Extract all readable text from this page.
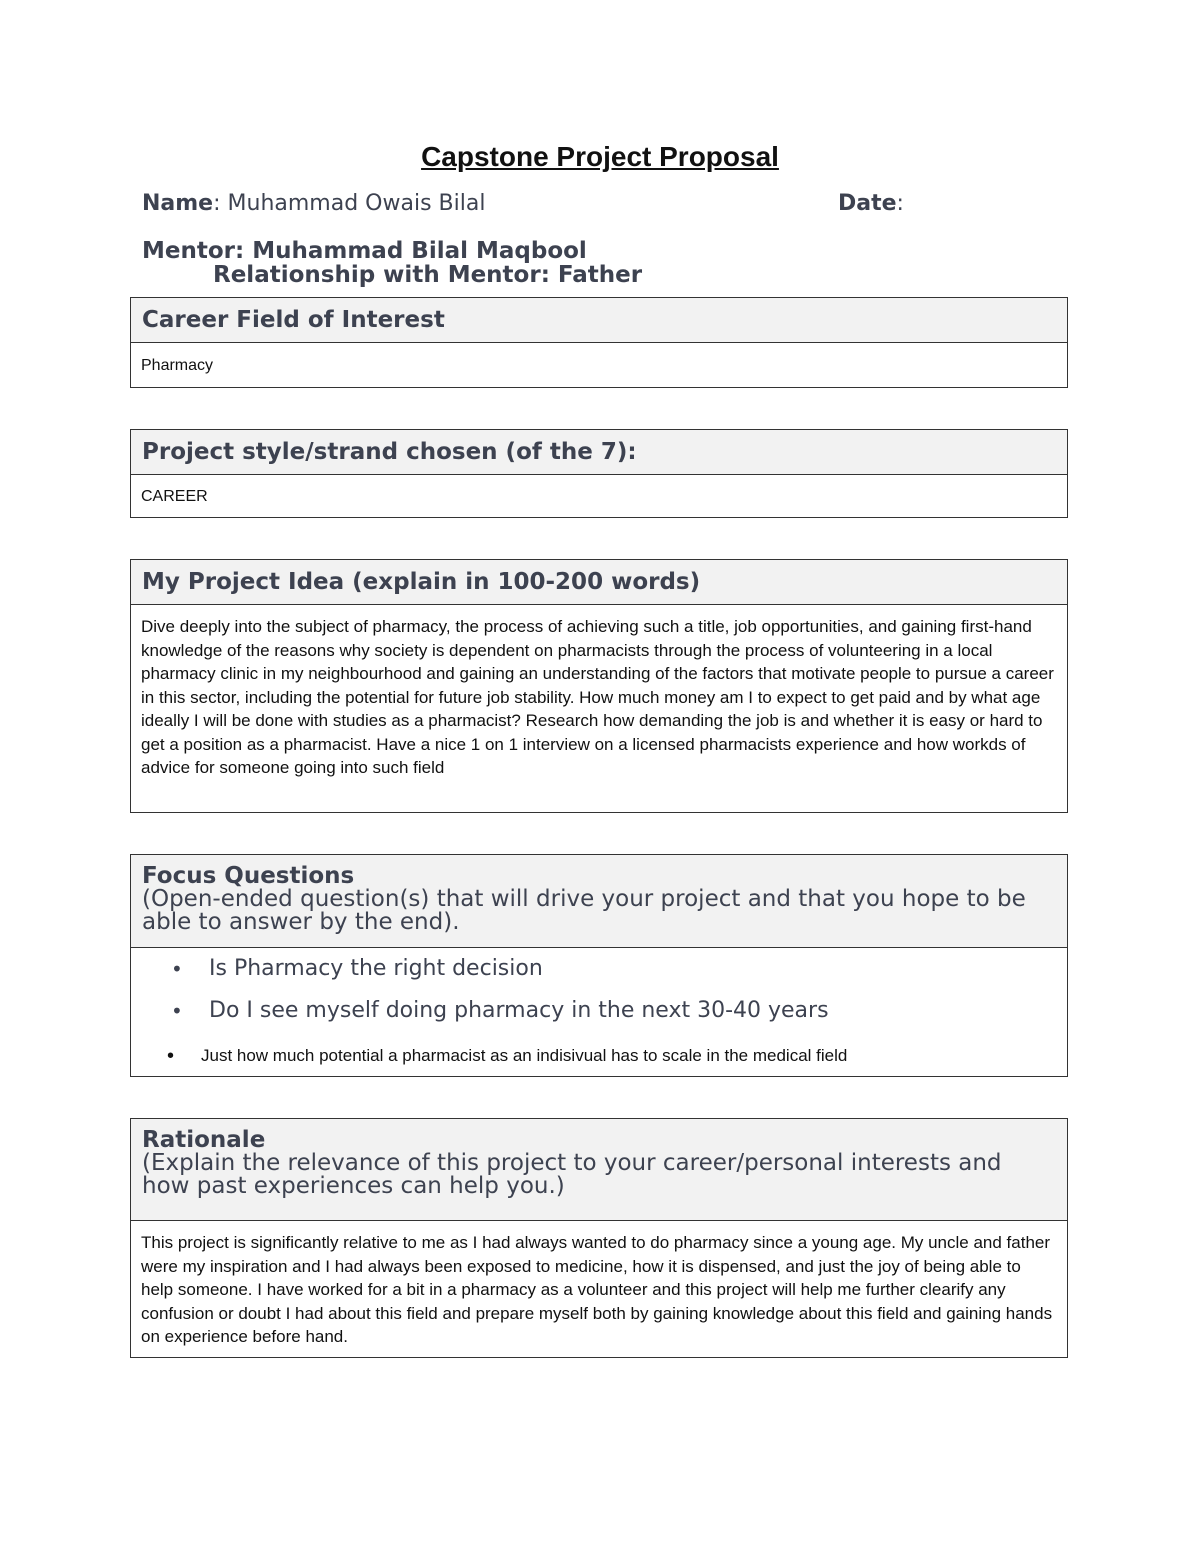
Capstone Project Proposal
Name: Muhammad Owais Bilal	Date:
Mentor: Muhammad Bilal Maqbool
Relationship with Mentor: Father
Career Field of Interest
Pharmacy
Project style/strand chosen (of the 7):
CAREER
My Project Idea (explain in 100-200 words)
Dive deeply into the subject of pharmacy, the process of achieving such a title, job opportunities, and gaining first-hand knowledge of the reasons why society is dependent on pharmacists through the process of volunteering in a local pharmacy clinic in my neighbourhood and gaining an understanding of the factors that motivate people to pursue a career in this sector, including the potential for future job stability. How much money am I to expect to get paid and by what age ideally I will be done with studies as a pharmacist? Research how demanding the job is and whether it is easy or hard to get a position as a pharmacist. Have a nice 1 on 1 interview on a licensed pharmacists experience and how workds of advice for someone going into such field
Focus Questions
(Open-ended question(s) that will drive your project and that you hope to be able to answer by the end).
• Is Pharmacy the right decision
• Do I see myself doing pharmacy in the next 30-40 years
• Just how much potential a pharmacist as an indisivual has to scale in the medical field
Rationale
(Explain the relevance of this project to your career/personal interests and how past experiences can help you.)
This project is significantly relative to me as I had always wanted to do pharmacy since a young age. My uncle and father were my inspiration and I had always been exposed to medicine, how it is dispensed, and just the joy of being able to help someone. I have worked for a bit in a pharmacy as a volunteer and this project will help me further clearify any confusion or doubt I had about this field and prepare myself both by gaining knowledge about this field and gaining hands on experience before hand.
